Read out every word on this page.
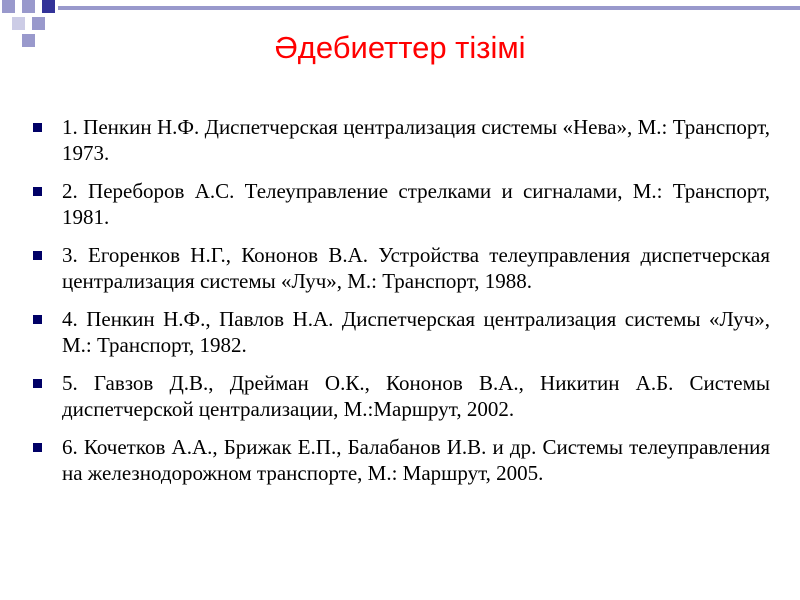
Әдебиеттер тізімі
1. Пенкин Н.Ф. Диспетчерская централизация системы «Нева», М.: Транспорт, 1973.
2. Переборов А.С. Телеуправление стрелками и сигналами, М.: Транспорт, 1981.
3. Егоренков Н.Г., Кононов В.А. Устройства телеуправления диспетчерская централизация системы «Луч», М.: Транспорт, 1988.
4. Пенкин Н.Ф., Павлов Н.А. Диспетчерская централизация системы «Луч», М.: Транспорт, 1982.
5. Гавзов Д.В., Дрейман О.К., Кононов В.А., Никитин А.Б. Системы диспетчерской централизации, М.:Маршрут, 2002.
6. Кочетков А.А., Брижак Е.П., Балабанов И.В. и др. Системы телеуправления на железнодорожном транспорте, М.: Маршрут, 2005.
